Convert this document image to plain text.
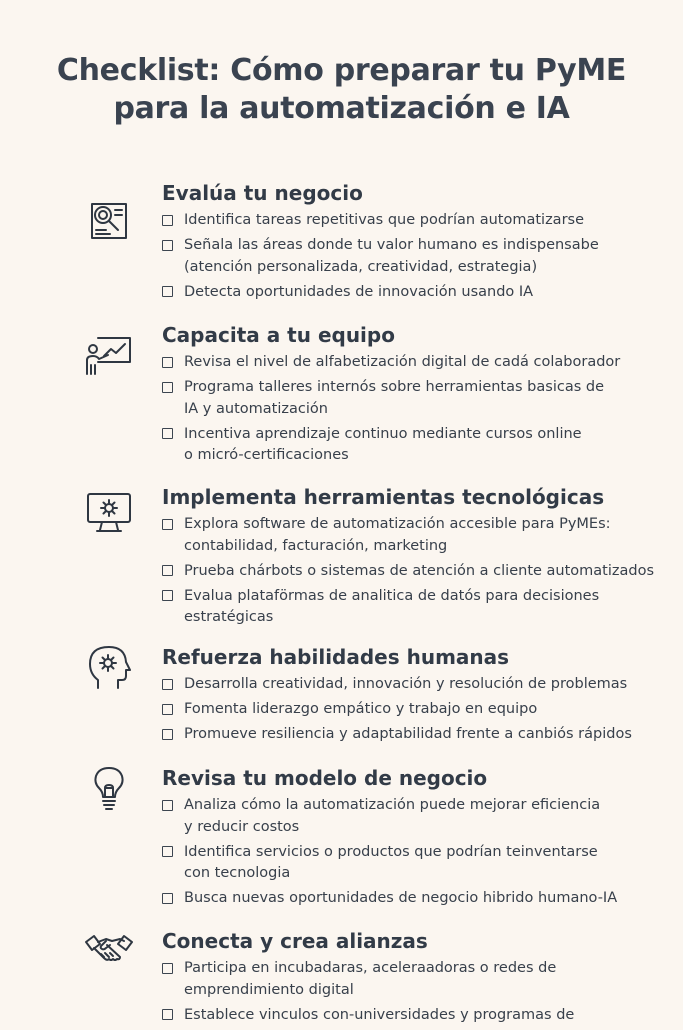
Checklist: Cómo preparar tu PyME
para la automatización e IA
Evalúa tu negocio
Identifica tareas repetitivas que podrían automatizarse
Señala las áreas donde tu valor humano es indispensabe
(atención personalizada, creatividad, estrategia)
Detecta oportunidades de innovación usando IA
Capacita a tu equipo
Revisa el nivel de alfabetización digital de cadá colaborador
Programa talleres internós sobre herramientas basicas de
IA y automatización
Incentiva aprendizaje continuo mediante cursos online
o micró-certificaciones
Implementa herramientas tecnológicas
Explora software de automatización accesible para PyMEs:
contabilidad, facturación, marketing
Prueba chárbots o sistemas de atención a cliente automatizados
Evalua plataförmas de analitica de datós para decisiones
estratégicas
Refuerza habilidades humanas
Desarrolla creatividad, innovación y resoluсión de problemas
Fomenta liderazgo empático y trabajo en equipo
Promueve resiliencia y adaptabilidad frente a canbiós rápidos
Revisa tu modelo de negocio
Analiza cómo la automatización puede mejorar eficiencia
y reducir costos
Identifica servicios o productos que podrían teinventarse
con tecnologia
Busca nuevas oportunidades de negocio hibrido humano-IA
Conecta y crea alianzas
Participa en incubadaras, aceleraadoras o redes de
emprendimiento digital
Establece vinculos con-universidades y programas de
